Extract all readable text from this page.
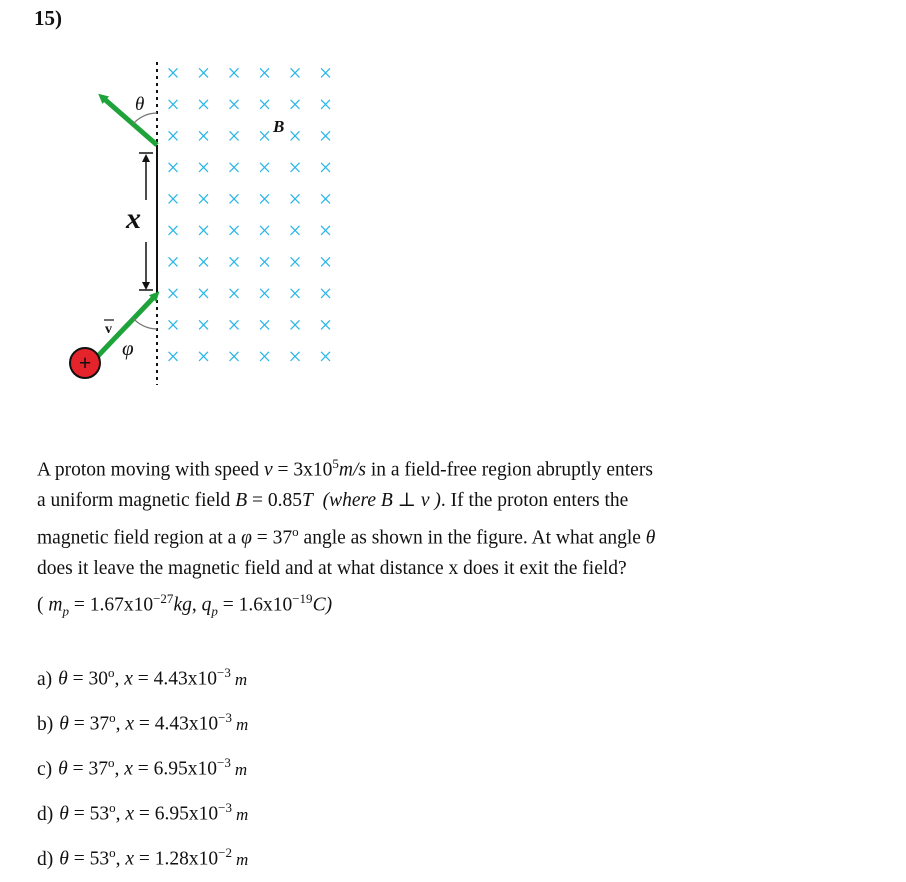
15)
× × × × × ×
× × × × × ×
× × × × × ×
× × × × × ×
× × × × × ×
× × × × × ×
× × × × × ×
× × × × × ×
× × × × × ×
× × × × × ×
x
θ
φ
v
+
B
A proton moving with speed $v = 3x10^5m/s$ in a field-free region abruptly enters
a uniform magnetic field B = 0.85T (where B ⊥ v ). If the proton enters the
magnetic field region at a $\varphi = 37^o$ angle as shown in the figure. At what angle θ
does it leave the magnetic field and at what distance x does it exit the field?
( $m_p = 1.67x10^{-27}kg$, $q_p = 1.6x10^{-19}C$)
a) $\theta = 30^o$, $x = 4.43x10^{-3}$ m
b) $\theta = 37^o$, $x = 4.43x10^{-3}$ m
c) $\theta = 37^o$, $x = 6.95x10^{-3}$ m
d) $\theta = 53^o$, $x = 6.95x10^{-3}$ m
d) $\theta = 53^o$, $x = 1.28x10^{-2}$ m
